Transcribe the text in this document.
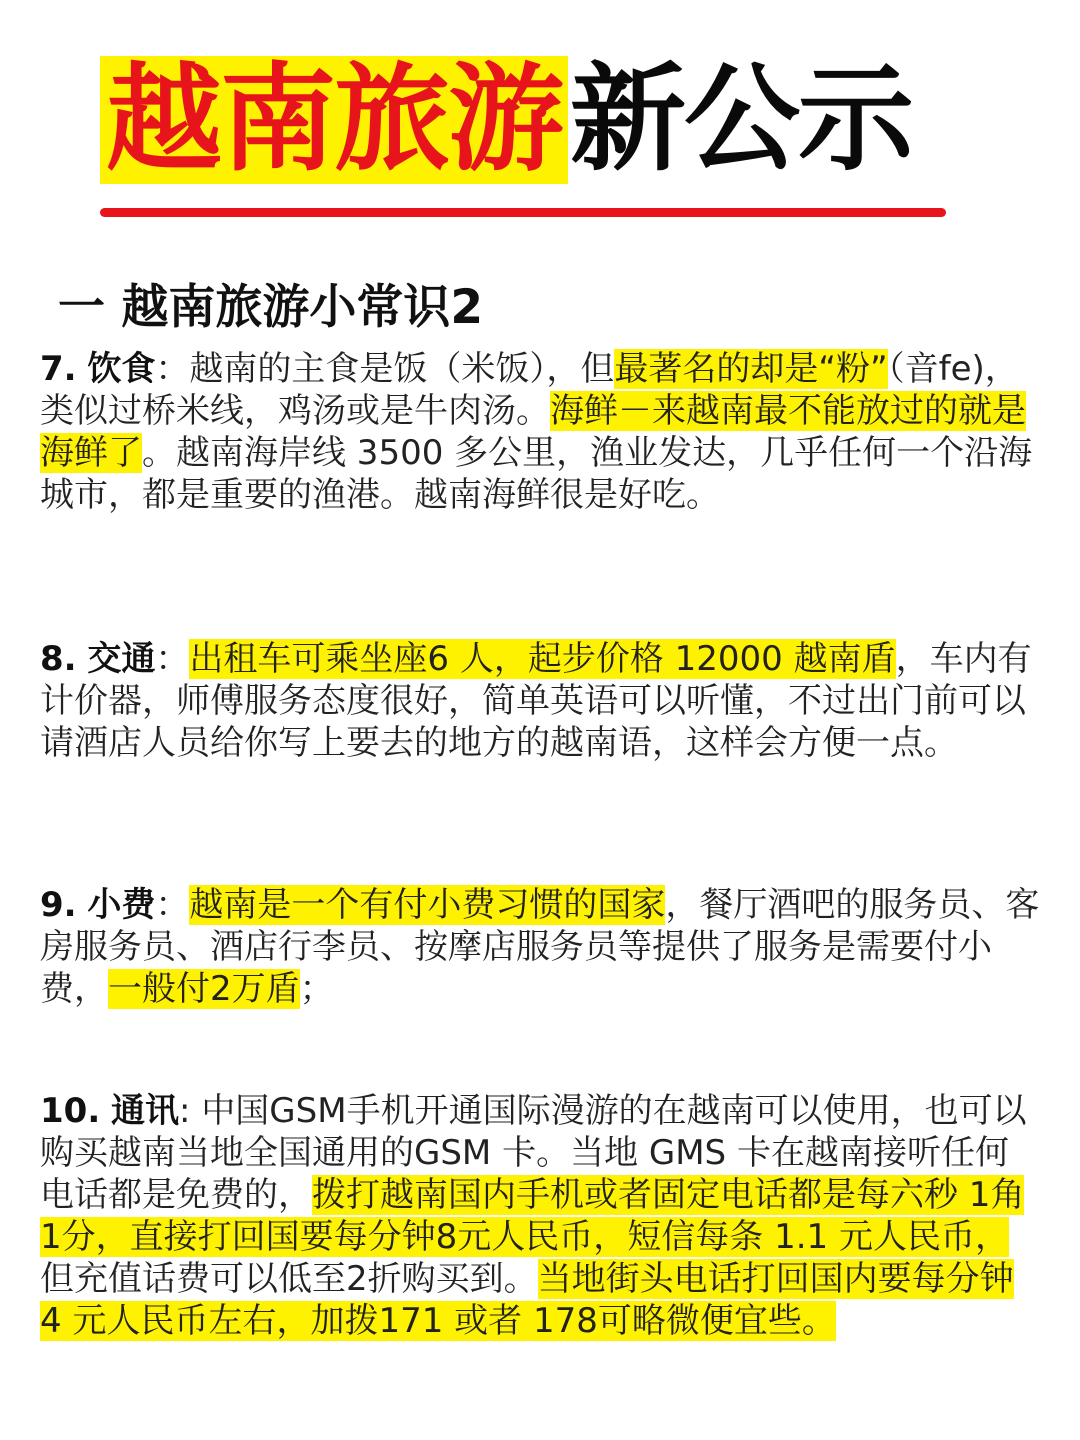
越南旅游 新公示
一 越南旅游小常识2
7. 饮食：越南的主食是饭（米饭），但最著名的却是“粉”（音fe)，类似过桥米线，鸡汤或是牛肉汤。海鲜－来越南最不能放过的就是海鲜了。越南海岸线 3500 多公里，渔业发达，几乎任何一个沿海城市，都是重要的渔港。越南海鲜很是好吃。
8. 交通：出租车可乘坐座6 人，起步价格 12000 越南盾，车内有计价器，师傅服务态度很好，简单英语可以听懂，不过出门前可以请酒店人员给你写上要去的地方的越南语，这样会方便一点。
9. 小费：越南是一个有付小费习惯的国家，餐厅酒吧的服务员、客房服务员、酒店行李员、按摩店服务员等提供了服务是需要付小费，一般付2万盾；
10. 通讯: 中国GSM手机开通国际漫游的在越南可以使用，也可以购买越南当地全国通用的GSM 卡。当地 GMS 卡在越南接听任何电话都是免费的，拨打越南国内手机或者固定电话都是每六秒 1角1分，直接打回国要每分钟8元人民币，短信每条 1.1 元人民币，但充值话费可以低至2折购买到。当地街头电话打回国内要每分钟 4 元人民币左右，加拨171 或者 178可略微便宜些。
